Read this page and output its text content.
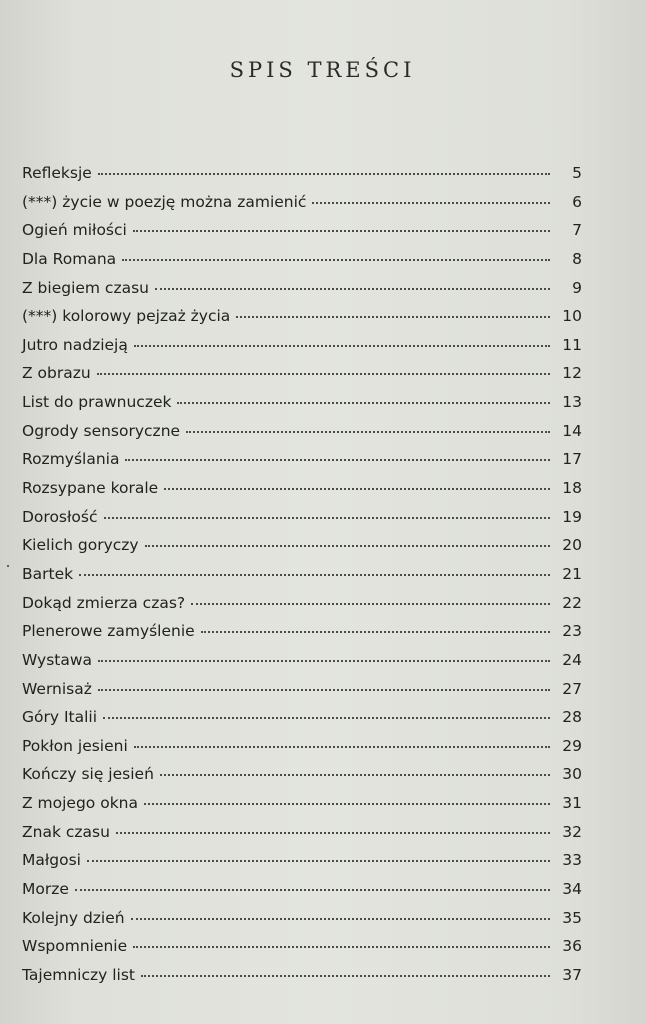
SPIS TREŚCI
Refleksje	5
(***) życie w poezję można zamienić	6
Ogień miłości	7
Dla Romana	8
Z biegiem czasu	9
(***) kolorowy pejzaż życia	10
Jutro nadzieją	11
Z obrazu	12
List do prawnuczek	13
Ogrody sensoryczne	14
Rozmyślania	17
Rozsypane korale	18
Dorosłość	19
Kielich goryczy	20
Bartek	21
Dokąd zmierza czas?	22
Plenerowe zamyślenie	23
Wystawa	24
Wernisaż	27
Góry Italii	28
Pokłon jesieni	29
Kończy się jesień	30
Z mojego okna	31
Znak czasu	32
Małgosi	33
Morze	34
Kolejny dzień	35
Wspomnienie	36
Tajemniczy list	37
